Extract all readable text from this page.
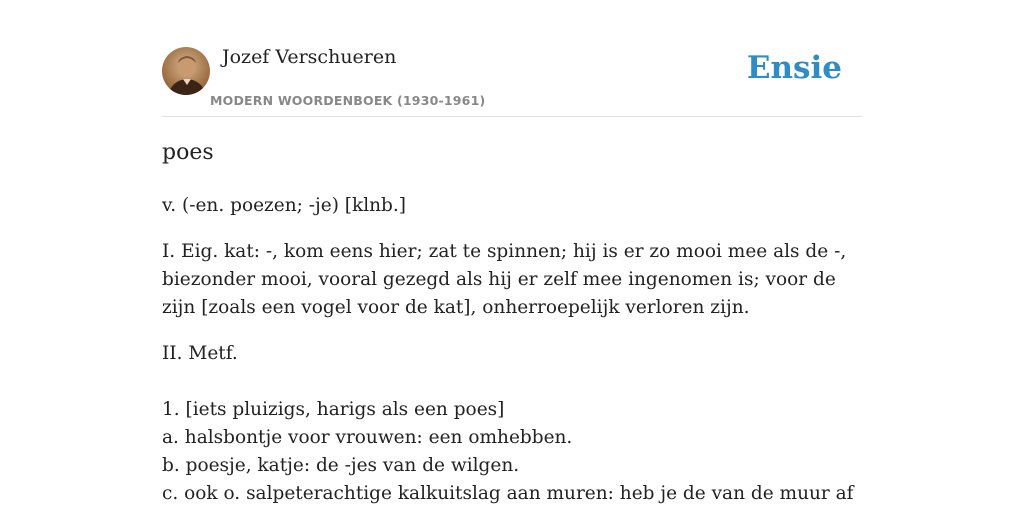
Jozef Verschueren
MODERN WOORDENBOEK (1930-1961)
Ensie
poes

v. (-en. poezen; -je) [klnb.]

I. Eig. kat: -, kom eens hier; zat te spinnen; hij is er zo mooi mee als de -, biezonder mooi, vooral gezegd als hij er zelf mee ingenomen is; voor de zijn [zoals een vogel voor de kat], onherroepelijk verloren zijn.

II. Metf.
1. [iets pluizigs, harigs als een poes]
a. halsbontje voor vrouwen: een omhebben.
b. poesje, katje: de -jes van de wilgen.
c. ook o. salpeterachtige kalkuitslag aan muren: heb je de van de muur af
